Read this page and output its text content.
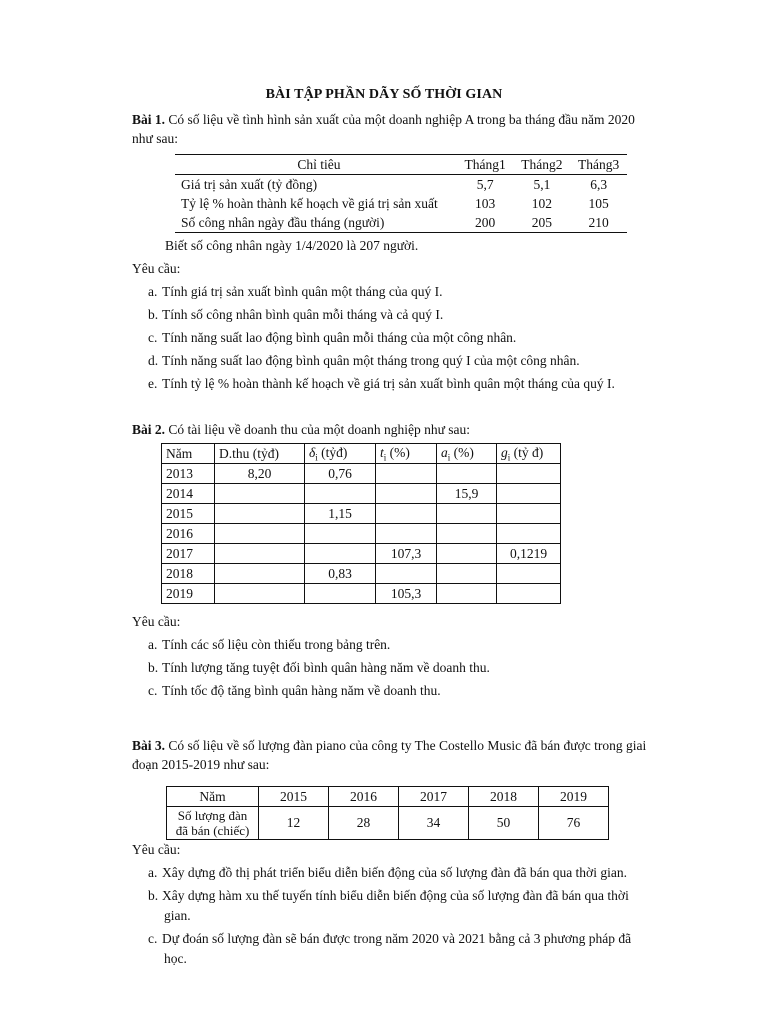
BÀI TẬP PHẦN DÃY SỐ THỜI GIAN
Bài 1. Có số liệu về tình hình sản xuất của một doanh nghiệp A trong ba tháng đầu năm 2020
như sau:
Chỉ tiêu	Tháng1	Tháng2	Tháng3
Giá trị sản xuất (tỷ đồng)	5,7	5,1	6,3
Tỷ lệ % hoàn thành kế hoạch về giá trị sản xuất	103	102	105
Số công nhân ngày đầu tháng (người)	200	205	210
Biết số công nhân ngày 1/4/2020 là 207 người.
Yêu cầu:
a. Tính giá trị sản xuất bình quân một tháng của quý I.
b. Tính số công nhân bình quân mỗi tháng và cả quý I.
c. Tính năng suất lao động bình quân mỗi tháng của một công nhân.
d. Tính năng suất lao động bình quân một tháng trong quý I của một công nhân.
e. Tính tỷ lệ % hoàn thành kế hoạch về giá trị sản xuất bình quân một tháng của quý I.
Bài 2. Có tài liệu về doanh thu của một doanh nghiệp như sau:
Năm	D.thu (tỷđ)	$\delta_i$ (tỷđ)	$t_i$ (%)	$a_i$ (%)	$g_i$ (tỷ đ)
2013	8,20	0,76			
2014				15,9	
2015		1,15			
2016					
2017			107,3		0,1219
2018		0,83			
2019			105,3		
Yêu cầu:
a. Tính các số liệu còn thiếu trong bảng trên.
b. Tính lượng tăng tuyệt đối bình quân hàng năm về doanh thu.
c. Tính tốc độ tăng bình quân hàng năm về doanh thu.
Bài 3. Có số liệu về số lượng đàn piano của công ty The Costello Music đã bán được trong giai
đoạn 2015-2019 như sau:
Năm	2015	2016	2017	2018	2019
Số lượng đàn
đã bán (chiếc)	12	28	34	50	76
Yêu cầu:
a. Xây dựng đồ thị phát triển biểu diễn biến động của số lượng đàn đã bán qua thời gian.
b. Xây dựng hàm xu thế tuyến tính biểu diễn biến động của số lượng đàn đã bán qua thời
gian.
c. Dự đoán số lượng đàn sẽ bán được trong năm 2020 và 2021 bằng cả 3 phương pháp đã
học.
